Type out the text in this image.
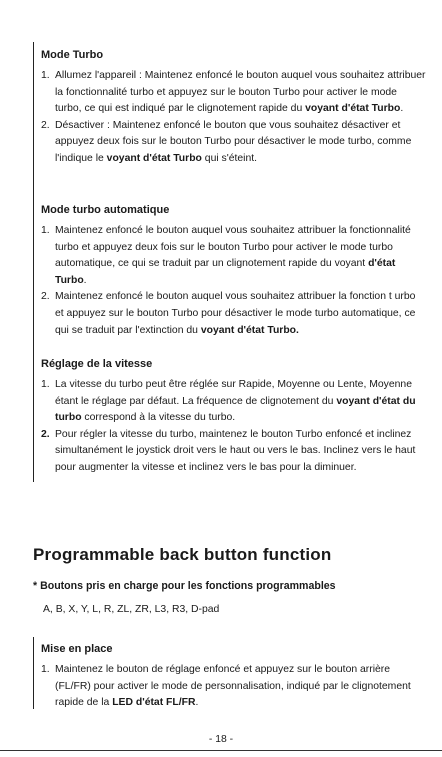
Mode Turbo
1. Allumez l'appareil : Maintenez enfoncé le bouton auquel vous souhaitez attribuer la fonctionnalité turbo et appuyez sur le bouton Turbo pour activer le mode turbo, ce qui est indiqué par le clignotement rapide du voyant d'état Turbo.
2. Désactiver : Maintenez enfoncé le bouton que vous souhaitez désactiver et appuyez deux fois sur le bouton Turbo pour désactiver le mode turbo, comme l'indique le voyant d'état Turbo qui s'éteint.
Mode turbo automatique
1. Maintenez enfoncé le bouton auquel vous souhaitez attribuer la fonctionnalité turbo et appuyez deux fois sur le bouton Turbo pour activer le mode turbo automatique, ce qui se traduit par un clignotement rapide du voyant d'état Turbo.
2. Maintenez enfoncé le bouton auquel vous souhaitez attribuer la fonction t urbo et appuyez sur le bouton Turbo pour désactiver le mode turbo automatique, ce qui se traduit par l'extinction du voyant d'état Turbo.
Réglage de la vitesse
1. La vitesse du turbo peut être réglée sur Rapide, Moyenne ou Lente, Moyenne étant le réglage par défaut. La fréquence de clignotement du voyant d'état du turbo correspond à la vitesse du turbo.
2. Pour régler la vitesse du turbo, maintenez le bouton Turbo enfoncé et inclinez simultanément le joystick droit vers le haut ou vers le bas. Inclinez vers le haut pour augmenter la vitesse et inclinez vers le bas pour la diminuer.
Programmable back button function
* Boutons pris en charge pour les fonctions programmables
A, B, X, Y, L, R, ZL, ZR, L3, R3, D-pad
Mise en place
1. Maintenez le bouton de réglage enfoncé et appuyez sur le bouton arrière (FL/FR) pour activer le mode de personnalisation, indiqué par le clignotement rapide de la LED d'état FL/FR.
- 18 -
